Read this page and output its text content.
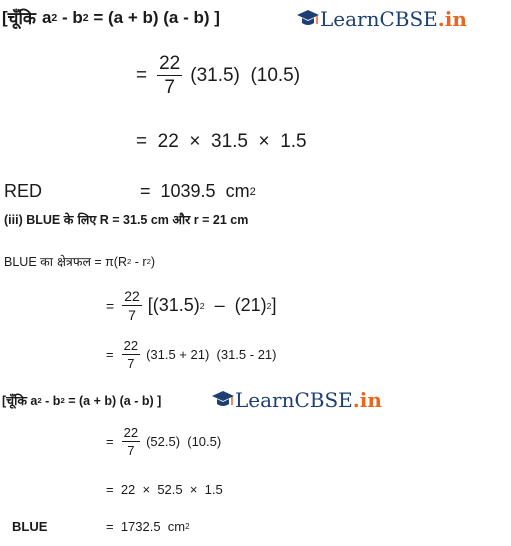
[ चूँकि a 2 - b 2 = (a + b) (a - b) ]	LearnCBSE .in
= $\frac{22}{7} (31.5)$  (10.5)
=  22  ×  31.5  ×  1.5
RED	=  1039.5  cm 2
(iii) BLUE के लिए R = 31.5 cm और r = 21 cm
BLUE का क्षेत्रफल = π(R 2 - r 2 )
= $\frac{22}{7} [(31.5)$ 2 –  (21) 2 ]
= $\frac{22}{7} (31.5 + 21)$  (31.5 - 21)
[ चूँकि a 2 - b 2 = (a + b) (a - b) ]	LearnCBSE .in
= $\frac{22}{7} (52.5)$  (10.5)
=  22  ×  52.5  ×  1.5
BLUE	=  1732.5  cm 2
